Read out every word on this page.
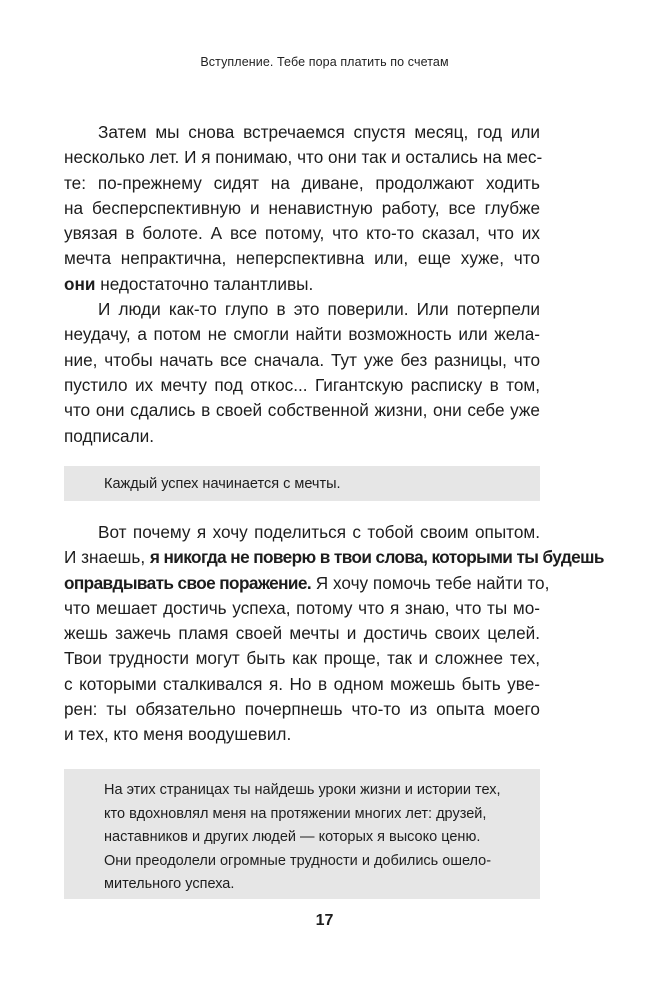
Вступление. Тебе пора платить по счетам
Затем мы снова встречаемся спустя месяц, год или
несколько лет. И я понимаю, что они так и остались на мес-
те: по-прежнему сидят на диване, продолжают ходить
на бесперспективную и ненавистную работу, все глубже
увязая в болоте. А все потому, что кто-то сказал, что их
мечта непрактична, неперспективна или, еще хуже, что
они недостаточно талантливы.
И люди как-то глупо в это поверили. Или потерпели
неудачу, а потом не смогли найти возможность или жела-
ние, чтобы начать все сначала. Тут уже без разницы, что
пустило их мечту под откос... Гигантскую расписку в том,
что они сдались в своей собственной жизни, они себе уже
подписали.
Каждый успех начинается с мечты.
Вот почему я хочу поделиться с тобой своим опытом.
И знаешь, я никогда не поверю в твои слова, которыми ты будешь
оправдывать свое поражение. Я хочу помочь тебе найти то,
что мешает достичь успеха, потому что я знаю, что ты мо-
жешь зажечь пламя своей мечты и достичь своих целей.
Твои трудности могут быть как проще, так и сложнее тех,
с которыми сталкивался я. Но в одном можешь быть уве-
рен: ты обязательно почерпнешь что-то из опыта моего
и тех, кто меня воодушевил.
На этих страницах ты найдешь уроки жизни и истории тех,
кто вдохновлял меня на протяжении многих лет: друзей,
наставников и других людей — которых я высоко ценю.
Они преодолели огромные трудности и добились ошело-
мительного успеха.
17
